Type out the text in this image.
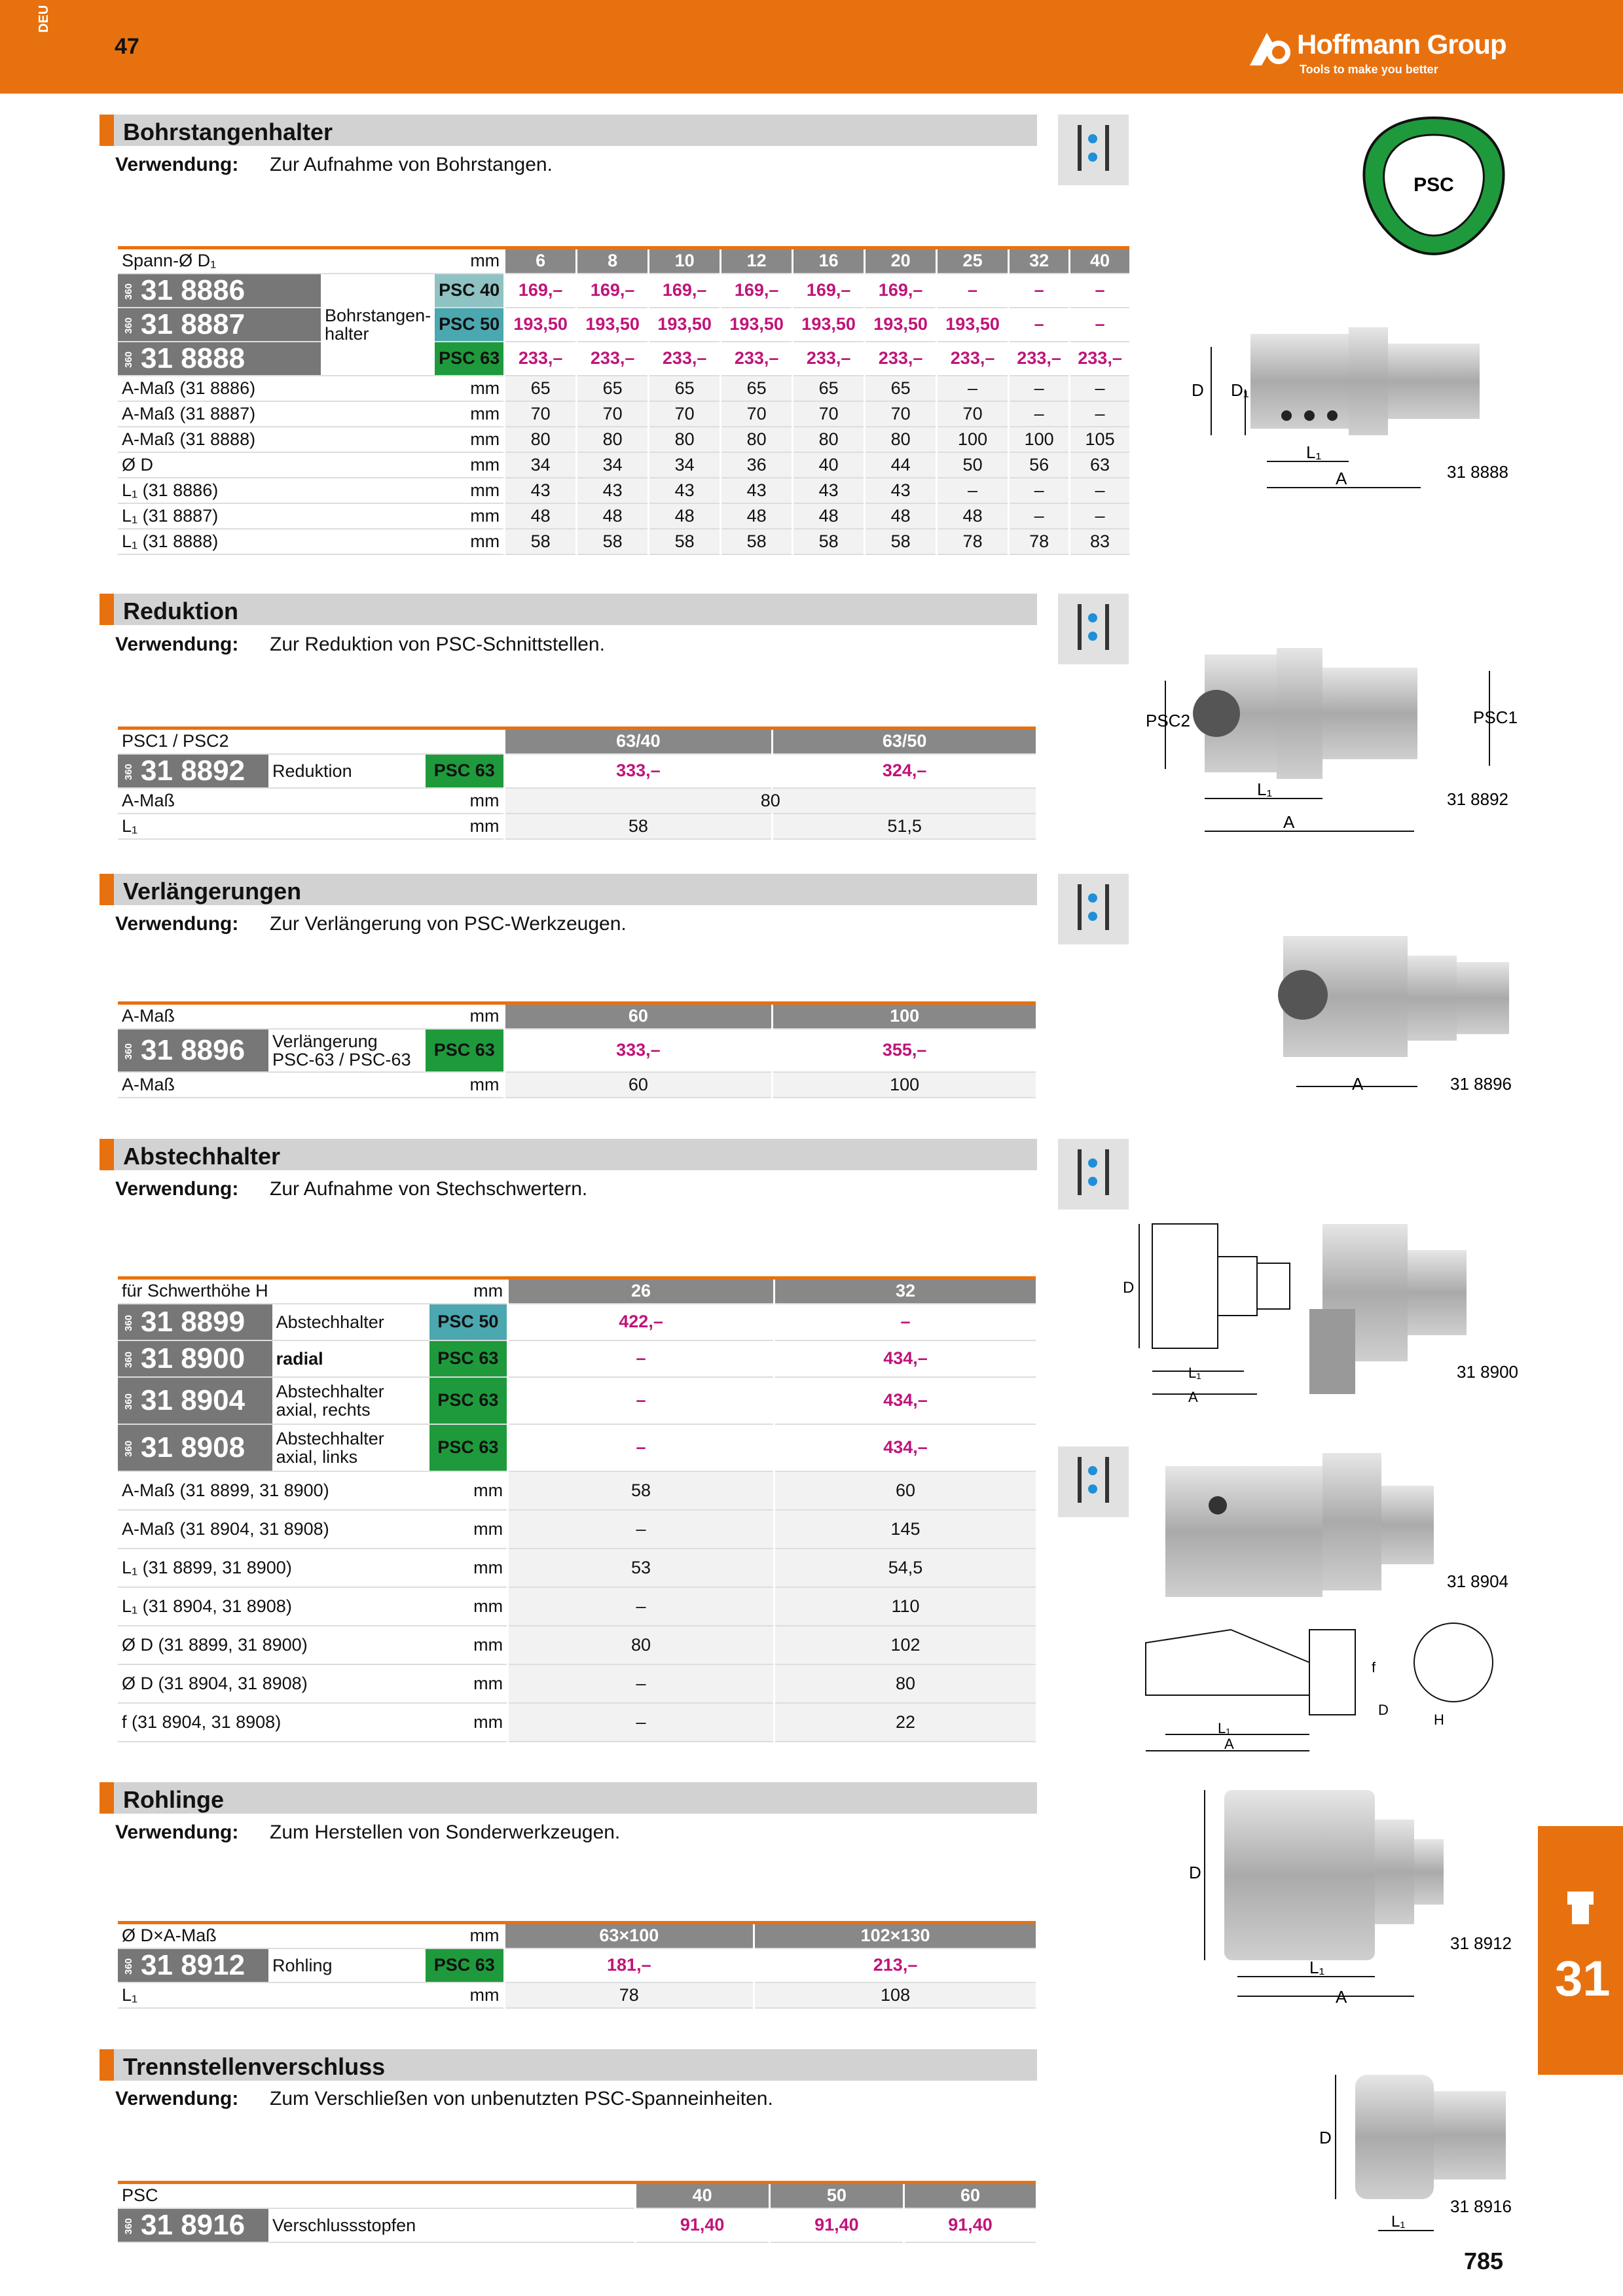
DEU
47	Hoffmann Group
Tools to make you better
PSC
Bohrstangenhalter
Verwendung: Zur Aufnahme von Bohrstangen.
Spann-Ø D₁		mm	6	8	10	12	16	20	25	32	40
360 31 8886	Bohrstangen-halter	PSC 40	169,–	169,–	169,–	169,–	169,–	169,–	–	–	–
360 31 8887		PSC 50	193,50	193,50	193,50	193,50	193,50	193,50	193,50	–	–
360 31 8888		PSC 63	233,–	233,–	233,–	233,–	233,–	233,–	233,–	233,–	233,–
A-Maß (31 8886)		mm	65	65	65	65	65	65	–	–	–
A-Maß (31 8887)		mm	70	70	70	70	70	70	70	–	–
A-Maß (31 8888)		mm	80	80	80	80	80	80	100	100	105
Ø D		mm	34	34	34	36	40	44	50	56	63
L₁ (31 8886)		mm	43	43	43	43	43	43	–	–	–
L₁ (31 8887)		mm	48	48	48	48	48	48	48	–	–
L₁ (31 8888)		mm	58	58	58	58	58	58	78	78	83
D D₁
L₁
A	31 8888
Reduktion
Verwendung: Zur Reduktion von PSC-Schnittstellen.
PSC1 / PSC2			63/40	63/50
360 31 8892	Reduktion	PSC 63	333,–	324,–
A-Maß		mm	80	
L₁		mm	58	51,5
PSC2	PSC1
L₁
A
31 8892
Verlängerungen
Verwendung: Zur Verlängerung von PSC-Werkzeugen.
A-Maß		mm	60	100
360 31 8896	Verlängerung PSC-63 / PSC-63	PSC 63	333,–	355,–
A-Maß		mm	60	100	A	31 8896
Abstechhalter
Verwendung: Zur Aufnahme von Stechschwertern.
für Schwerthöhe H		mm	26	32
360 31 8899	Abstechhalter	PSC 50	422,–	–
360 31 8900	radial	PSC 63	–	434,–
360 31 8904	Abstechhalter axial, rechts	PSC 63	–	434,–
360 31 8908	Abstechhalter axial, links	PSC 63	–	434,–
A-Maß (31 8899, 31 8900)		mm	58	60
A-Maß (31 8904, 31 8908)		mm	–	145
L₁ (31 8899, 31 8900)		mm	53	54,5
L₁ (31 8904, 31 8908)		mm	–	110
Ø D (31 8899, 31 8900)		mm	80	102
Ø D (31 8904, 31 8908)		mm	–	80
f (31 8904, 31 8908)		mm	–	22
D
L₁
A
31 8900
31 8904
f
D
H
L₁
A
Rohlinge
Verwendung: Zum Herstellen von Sonderwerkzeugen.
Ø D×A-Maß		mm	63×100	102×130
360 31 8912	Rohling	PSC 63	181,–	213,–
L₁		mm	78	108
D
L₁
A
31 8912
Trennstellenverschluss
Verwendung: Zum Verschließen von unbenutzten PSC-Spanneinheiten.
PSC		40	50	60
360 31 8916	Verschlussstopfen	91,40	91,40	91,40
D
L₁
31 8916
31
785
